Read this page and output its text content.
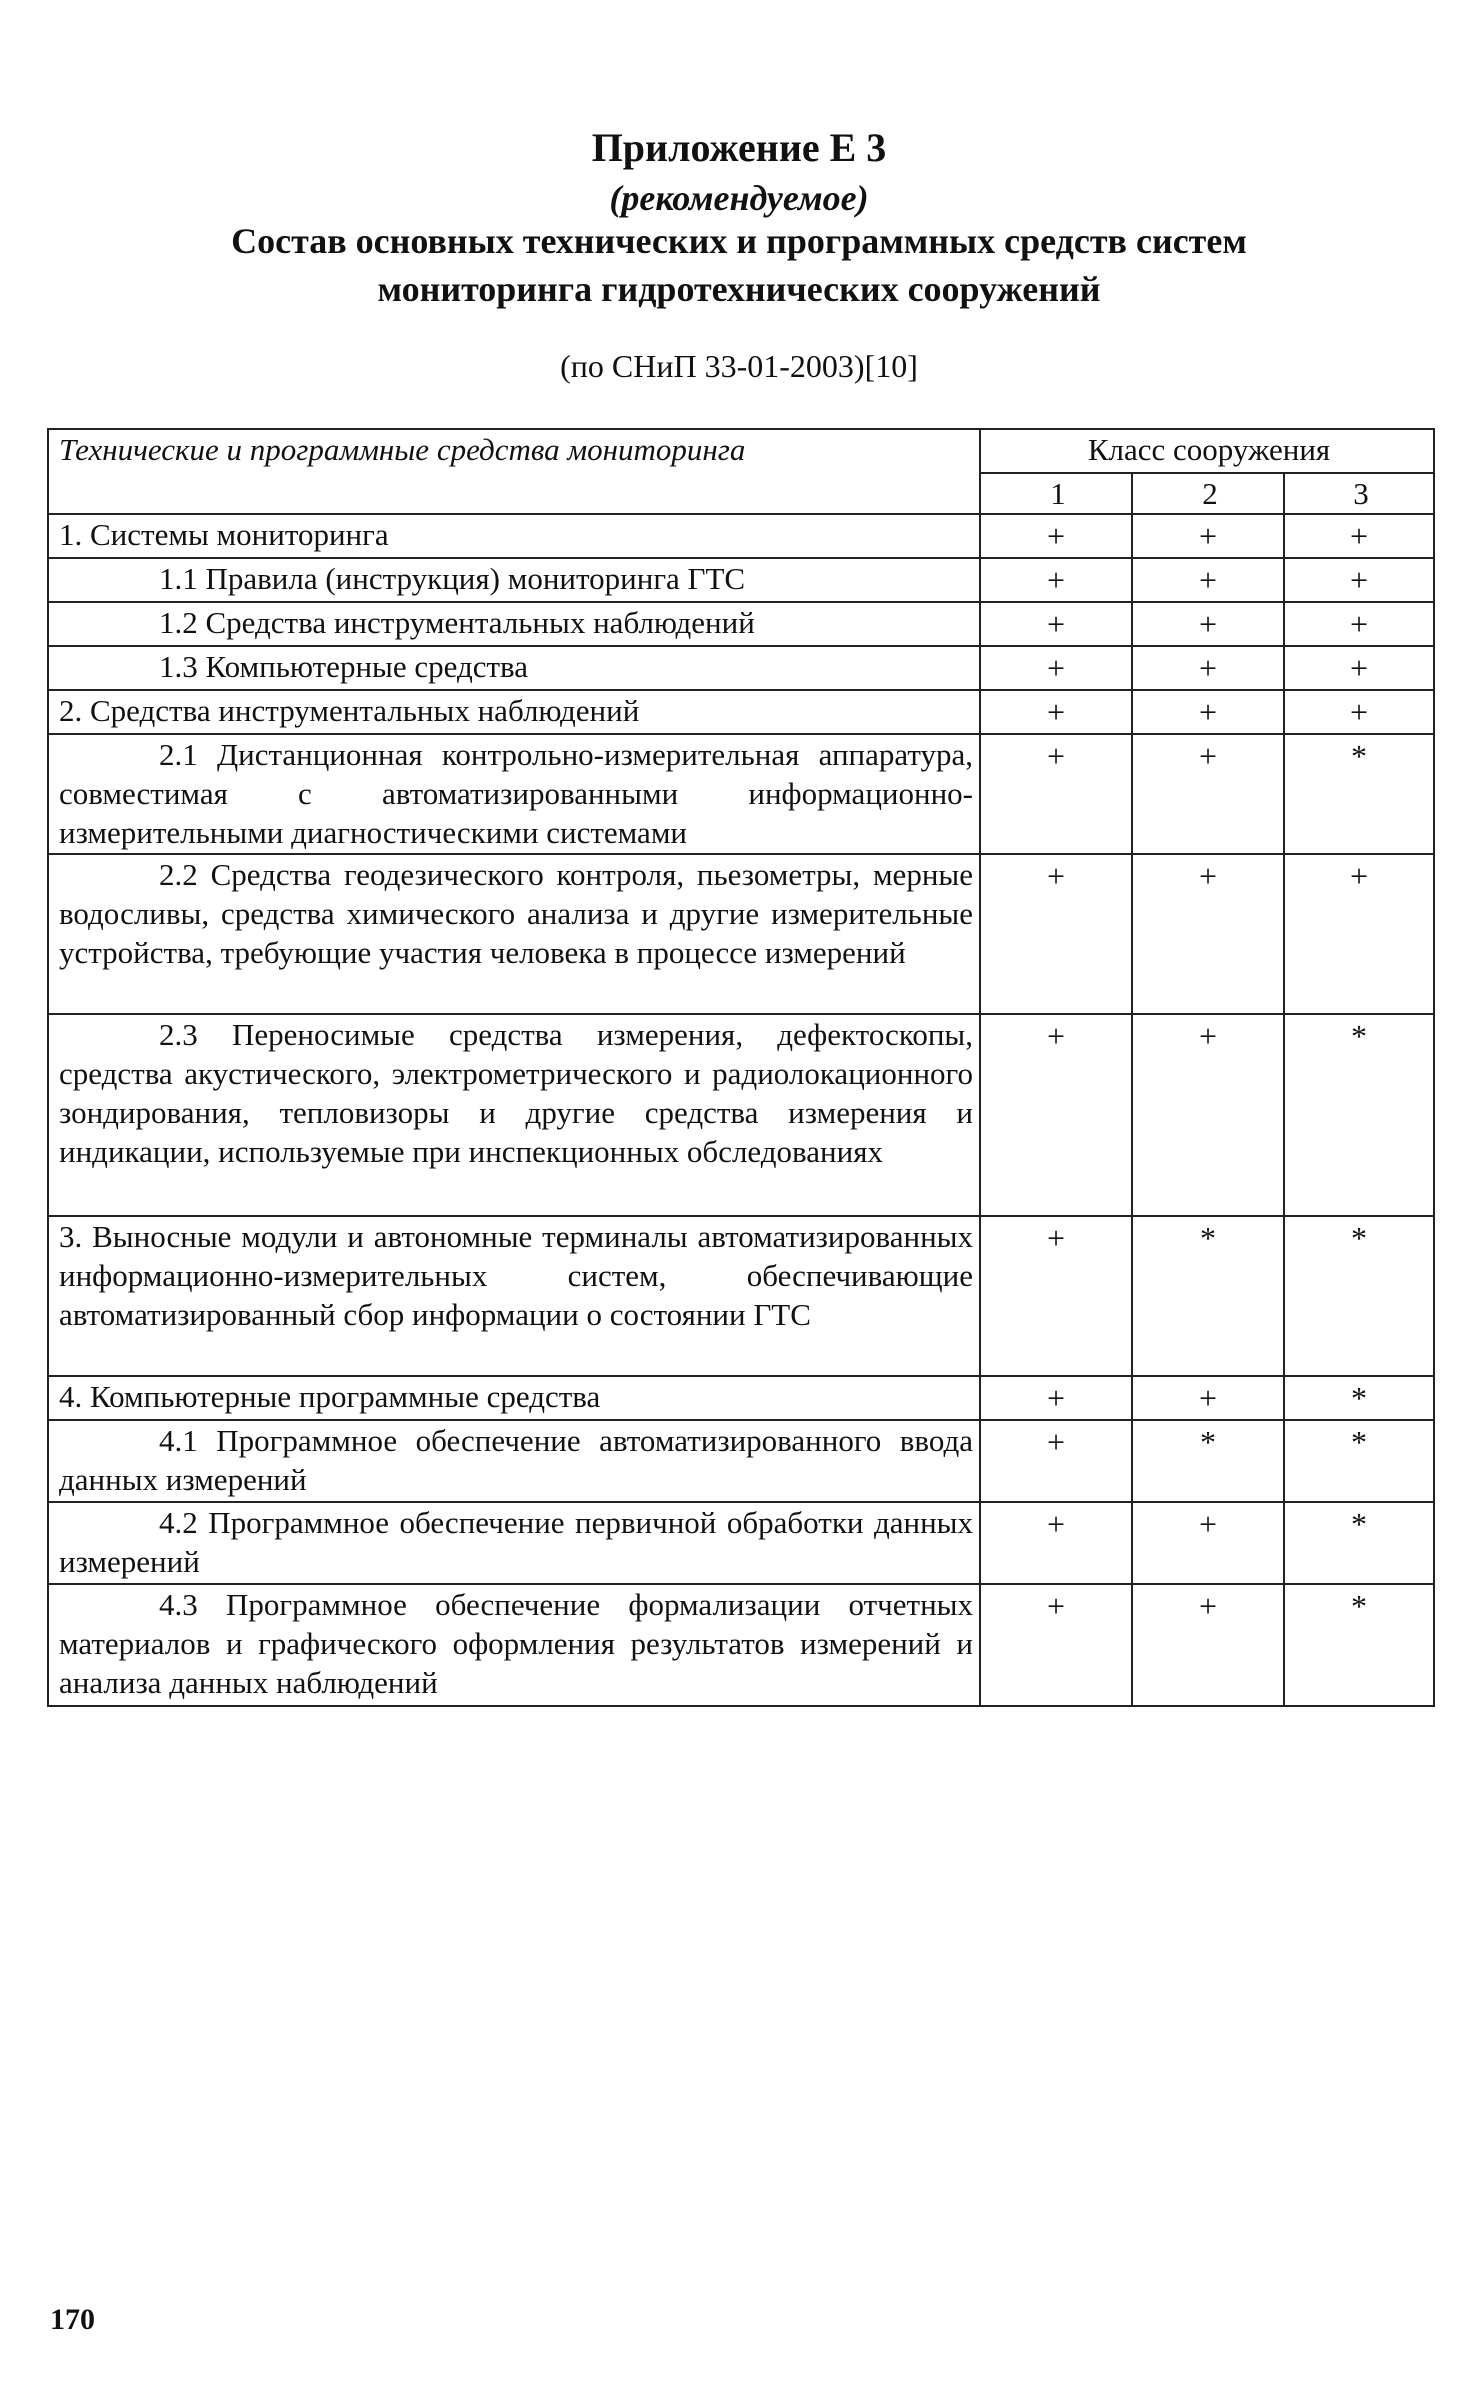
Приложение Е 3
(рекомендуемое)
Состав основных технических и программных средств систем
мониторинга гидротехнических сооружений
(по СНиП 33-01-2003)[10]
Технические и программные средства мониторинга	Класс сооружения		
	1	2	3

1. Системы мониторинга	+	+	+

1.1 Правила (инструкция) мониторинга ГТС	+	+	+

1.2 Средства инструментальных наблюдений	+	+	+

1.3 Компьютерные средства	+	+	+

2. Средства инструментальных наблюдений	+	+	+

2.1 Дистанционная контрольно-измерительная аппаратура, совместимая с автоматизированными информационно-измерительными диагностическими системами	+	+	*

2.2 Средства геодезического контроля, пьезометры, мерные водосливы, средства химического анализа и другие измерительные устройства, требующие участия человека в процессе измерений	+	+	+

2.3 Переносимые средства измерения, дефектоскопы, средства акустического, электрометрического и радиолокационного зондирования, тепловизоры и другие средства измерения и индикации, используемые при инспекционных обследованиях	+	+	*

3. Выносные модули и автономные терминалы автоматизированных информационно-измерительных систем, обеспечивающие автоматизированный сбор информации о состоянии ГТС	+	*	*

4. Компьютерные программные средства	+	+	*

4.1 Программное обеспечение автоматизированного ввода данных измерений	+	*	*

4.2 Программное обеспечение первичной обработки данных измерений	+	+	*

4.3 Программное обеспечение формализации отчетных материалов и графического оформления результатов измерений и анализа данных наблюдений	+	+	*
170
